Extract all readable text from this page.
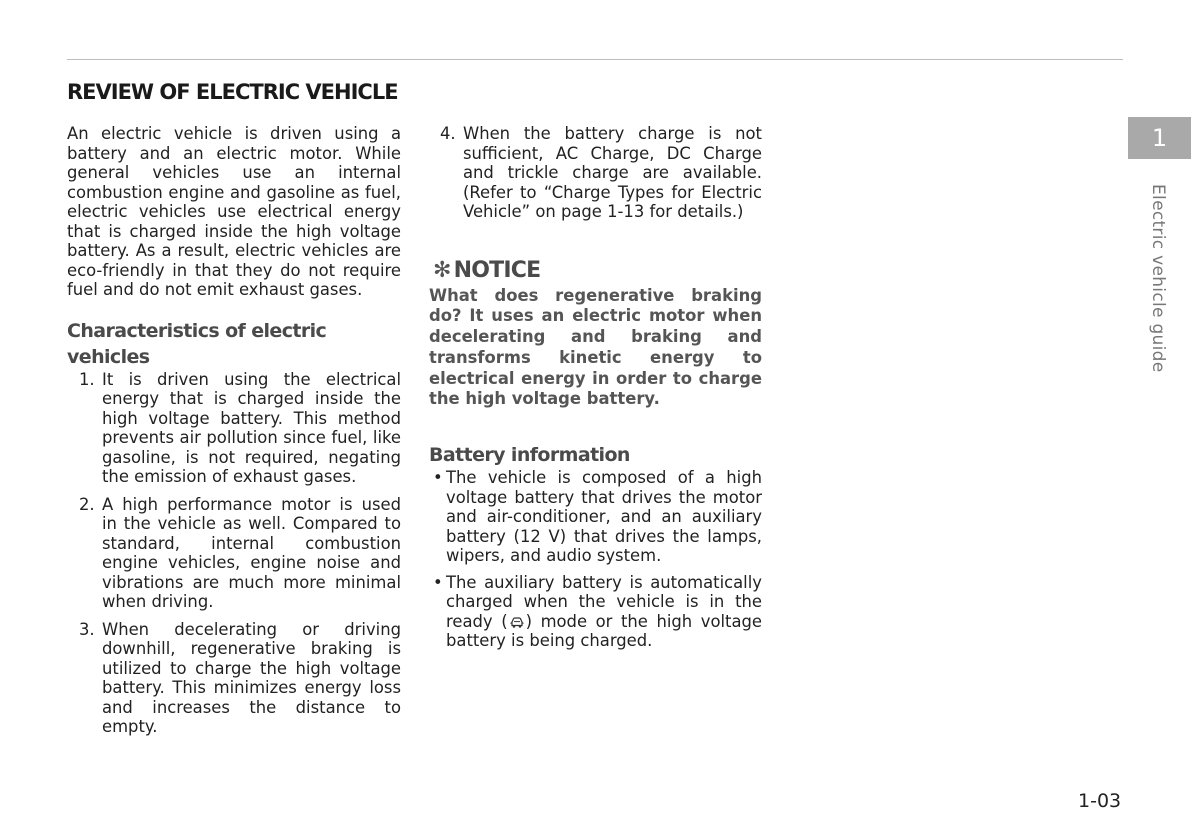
REVIEW OF ELECTRIC VEHICLE

An electric vehicle is driven using a battery and an electric motor. While general vehicles use an internal combustion engine and gasoline as fuel, electric vehicles use electrical energy that is charged inside the high voltage battery. As a result, electric vehicles are eco-friendly in that they do not require fuel and do not emit exhaust gases.

Characteristics of electric vehicles
1. It is driven using the electrical energy that is charged inside the high voltage battery. This method prevents air pollution since fuel, like gasoline, is not required, negating the emission of exhaust gases.
2. A high performance motor is used in the vehicle as well. Compared to standard, internal combustion engine vehicles, engine noise and vibrations are much more minimal when driving.
3. When decelerating or driving downhill, regenerative braking is utilized to charge the high voltage battery. This minimizes energy loss and increases the distance to empty.
4. When the battery charge is not sufficient, AC Charge, DC Charge and trickle charge are available. (Refer to “Charge Types for Electric Vehicle” on page 1-13 for details.)
✻ NOTICE

What does regenerative braking do? It uses an electric motor when decelerating and braking and transforms kinetic energy to electrical energy in order to charge the high voltage battery.

Battery information
• The vehicle is composed of a high voltage battery that drives the motor and air-conditioner, and an auxiliary battery (12 V) that drives the lamps, wipers, and audio system.
• The auxiliary battery is automatically charged when the vehicle is in the ready ( ) mode or the high voltage battery is being charged.
1
Electric vehicle guide
1-03
